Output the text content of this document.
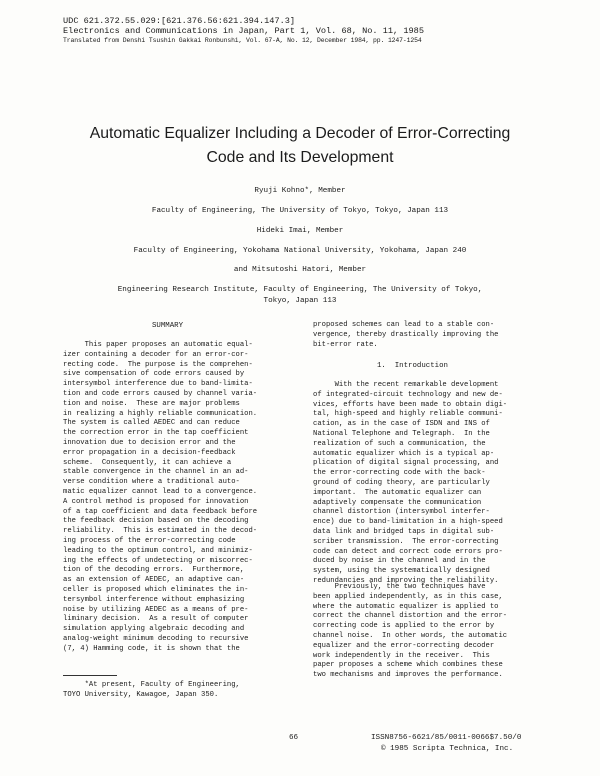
UDC 621.372.55.029:[621.376.56:621.394.147.3]
Electronics and Communications in Japan, Part 1, Vol. 68, No. 11, 1985
Translated from Denshi Tsushin Gakkai Ronbunshi, Vol. 67-A, No. 12, December 1984, pp. 1247-1254
Automatic Equalizer Including a Decoder of Error-Correcting
Code and Its Development
Ryuji Kohno*, Member
Faculty of Engineering, The University of Tokyo, Tokyo, Japan 113
Hideki Imai, Member
Faculty of Engineering, Yokohama National University, Yokohama, Japan 240
and Mitsutoshi Hatori, Member
Engineering Research Institute, Faculty of Engineering, The University of Tokyo,
Tokyo, Japan 113
SUMMARY
This paper proposes an automatic equal-
izer containing a decoder for an error-cor-
recting code.  The purpose is the comprehen-
sive compensation of code errors caused by
intersymbol interference due to band-limita-
tion and code errors caused by channel varia-
tion and noise.  These are major problems
in realizing a highly reliable communication.
The system is called AEDEC and can reduce
the correction error in the tap coefficient
innovation due to decision error and the
error propagation in a decision-feedback
scheme.  Consequently, it can achieve a
stable convergence in the channel in an ad-
verse condition where a traditional auto-
matic equalizer cannot lead to a convergence.
A control method is proposed for innovation
of a tap coefficient and data feedback before
the feedback decision based on the decoding
reliability.  This is estimated in the decod-
ing process of the error-correcting code
leading to the optimum control, and minimiz-
ing the effects of undetecting or miscorrec-
tion of the decoding errors.  Furthermore,
as an extension of AEDEC, an adaptive can-
celler is proposed which eliminates the in-
tersymbol interference without emphasizing
noise by utilizing AEDEC as a means of pre-
liminary decision.  As a result of computer
simulation applying algebraic decoding and
analog-weight minimum decoding to recursive
(7, 4) Hamming code, it is shown that the
*At present, Faculty of Engineering,
TOYO University, Kawagoe, Japan 350.
proposed schemes can lead to a stable con-
vergence, thereby drastically improving the
bit-error rate.
1.  Introduction
With the recent remarkable development
of integrated-circuit technology and new de-
vices, efforts have been made to obtain digi-
tal, high-speed and highly reliable communi-
cation, as in the case of ISDN and INS of
National Telephone and Telegraph.  In the
realization of such a communication, the
automatic equalizer which is a typical ap-
plication of digital signal processing, and
the error-correcting code with the back-
ground of coding theory, are particularly
important.  The automatic equalizer can
adaptively compensate the communication
channel distortion (intersymbol interfer-
ence) due to band-limitation in a high-speed
data link and bridged taps in digital sub-
scriber transmission.  The error-correcting
code can detect and correct code errors pro-
duced by noise in the channel and in the
system, using the systematically designed
redundancies and improving the reliability.
Previously, the two techniques have
been applied independently, as in this case,
where the automatic equalizer is applied to
correct the channel distortion and the error-
correcting code is applied to the error by
channel noise.  In other words, the automatic
equalizer and the error-correcting decoder
work independently in the receiver.  This
paper proposes a scheme which combines these
two mechanisms and improves the performance.
66	ISSN8756-6621/85/0011-0066$7.50/0
© 1985 Scripta Technica, Inc.
